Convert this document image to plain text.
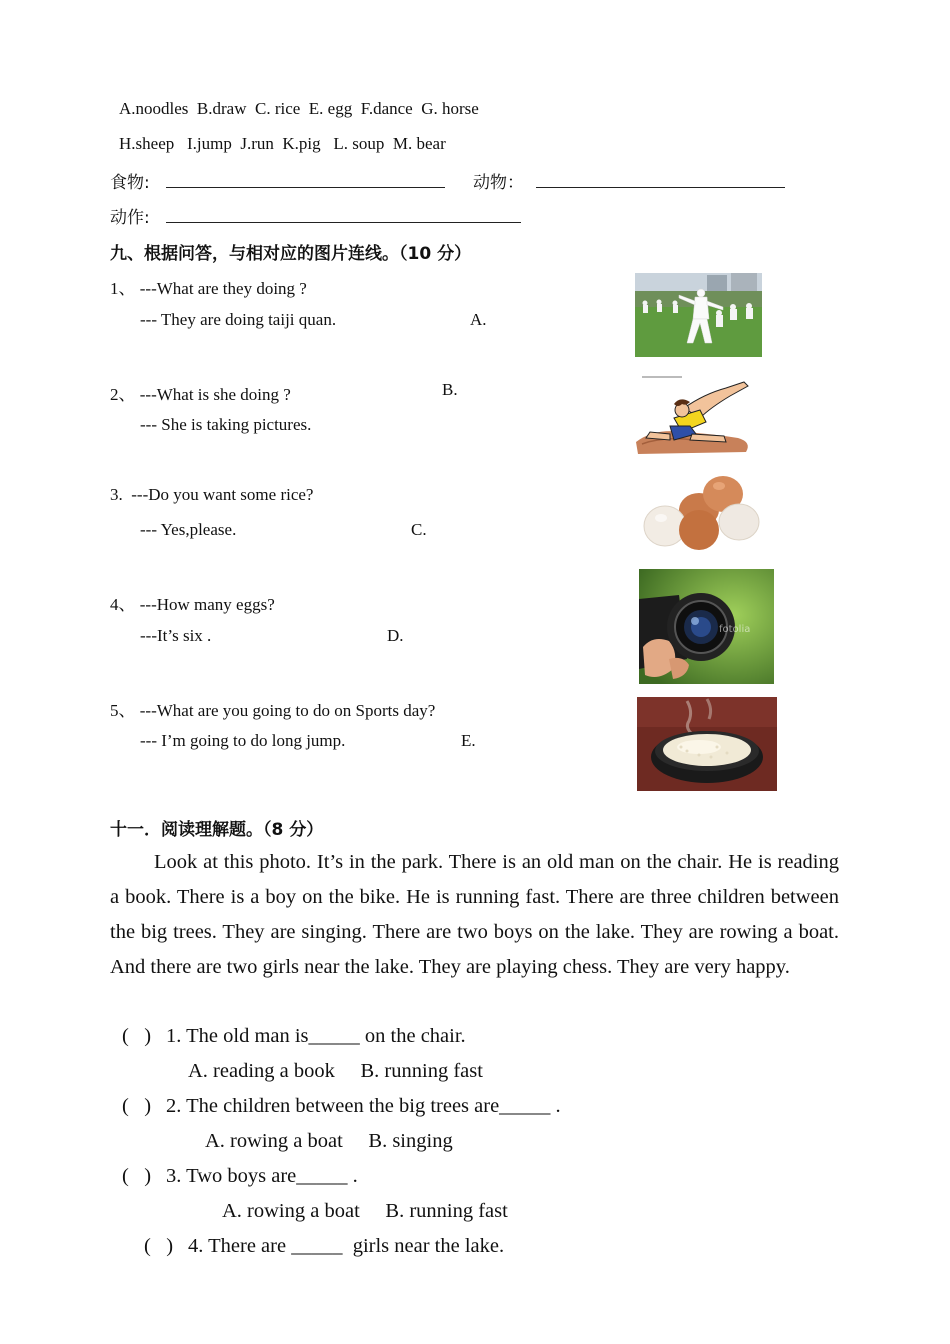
A.noodles  B.draw  C. rice  E. egg  F.dance  G. horse
H.sheep   I.jump  J.run  K.pig   L. soup  M. bear
食物:	动物：
动作:
九、根据问答，与相对应的图片连线。（10 分）
1、 ---What are they doing ?
--- They are doing taiji quan.	A.
2、 ---What is she doing ?
--- She is taking pictures.
B.
3.  ---Do you want some rice?
--- Yes,please.	C.
4、 ---How many eggs?
---It’s six .	D.
5、 ---What are you going to do on Sports day?
--- I’m going to do long jump.	E.
fotolia
十一．阅读理解题。（8 分）
Look at this photo. It’s in the park. There is an old man on the chair. He is reading a book. There is a boy on the bike. He is running fast. There are three children between the big trees. They are singing. There are two boys on the lake. They are rowing a boat. And there are two girls near the lake. They are playing chess. They are very happy.
(   ) 1. The old man is_____ on the chair.
A. reading a book     B. running fast
(   ) 2. The children between the big trees are_____ .
A. rowing a boat     B. singing
(   ) 3. Two boys are_____ .
A. rowing a boat     B. running fast
(   ) 4. There are _____  girls near the lake.
